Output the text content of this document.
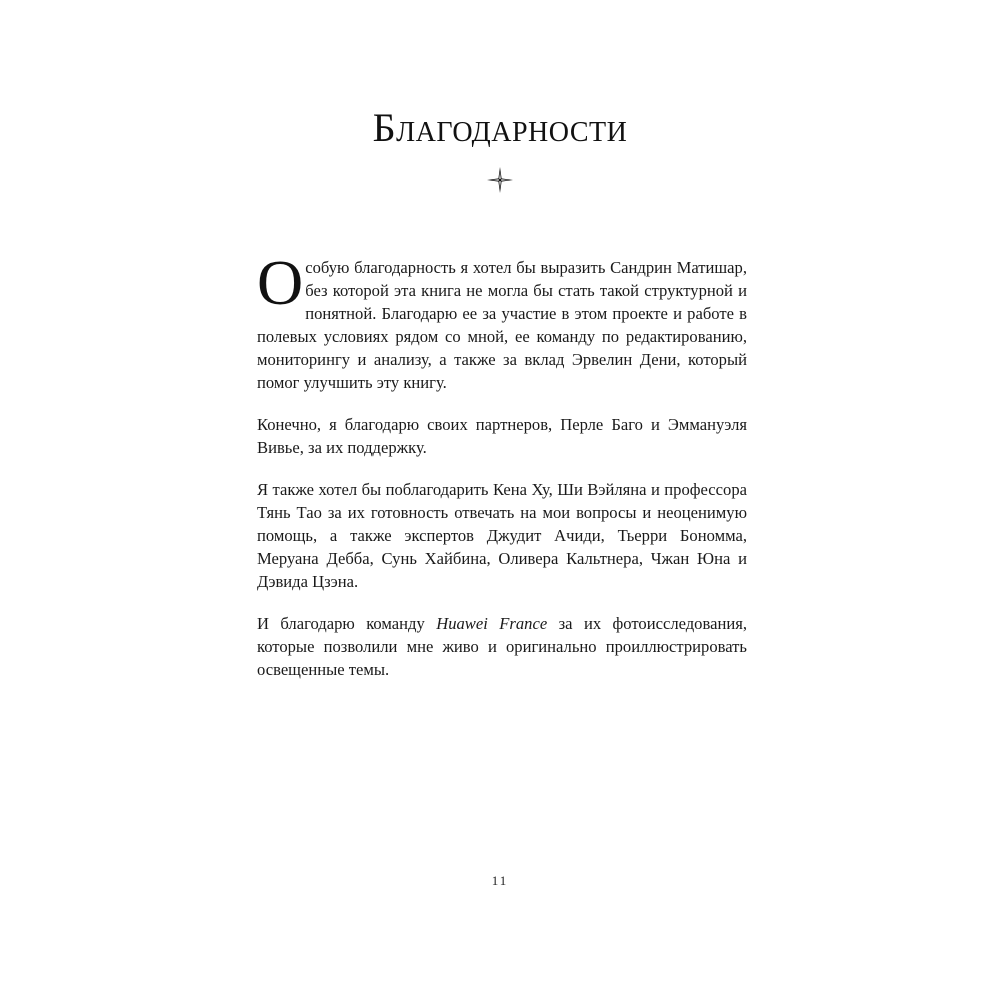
Благодарности

Особую благодарность я хотел бы выразить Сандрин Матишар, без которой эта книга не могла бы стать такой структурной и понятной. Благодарю ее за участие в этом проекте и работе в полевых условиях рядом со мной, ее команду по редактированию, мониторингу и анализу, а также за вклад Эрвелин Дени, который помог улучшить эту книгу.

Конечно, я благодарю своих партнеров, Перле Баго и Эммануэля Вивье, за их поддержку.

Я также хотел бы поблагодарить Кена Ху, Ши Вэйляна и профессора Тянь Тао за их готовность отвечать на мои вопросы и неоценимую помощь, а также экспертов Джудит Ачиди, Тьерри Бономма, Меруана Дебба, Сунь Хайбина, Оливера Кальтнера, Чжан Юна и Дэвида Цзэна.

И благодарю команду Huawei France за их фотоисследования, которые позволили мне живо и оригинально проиллюстрировать освещенные темы.

11
